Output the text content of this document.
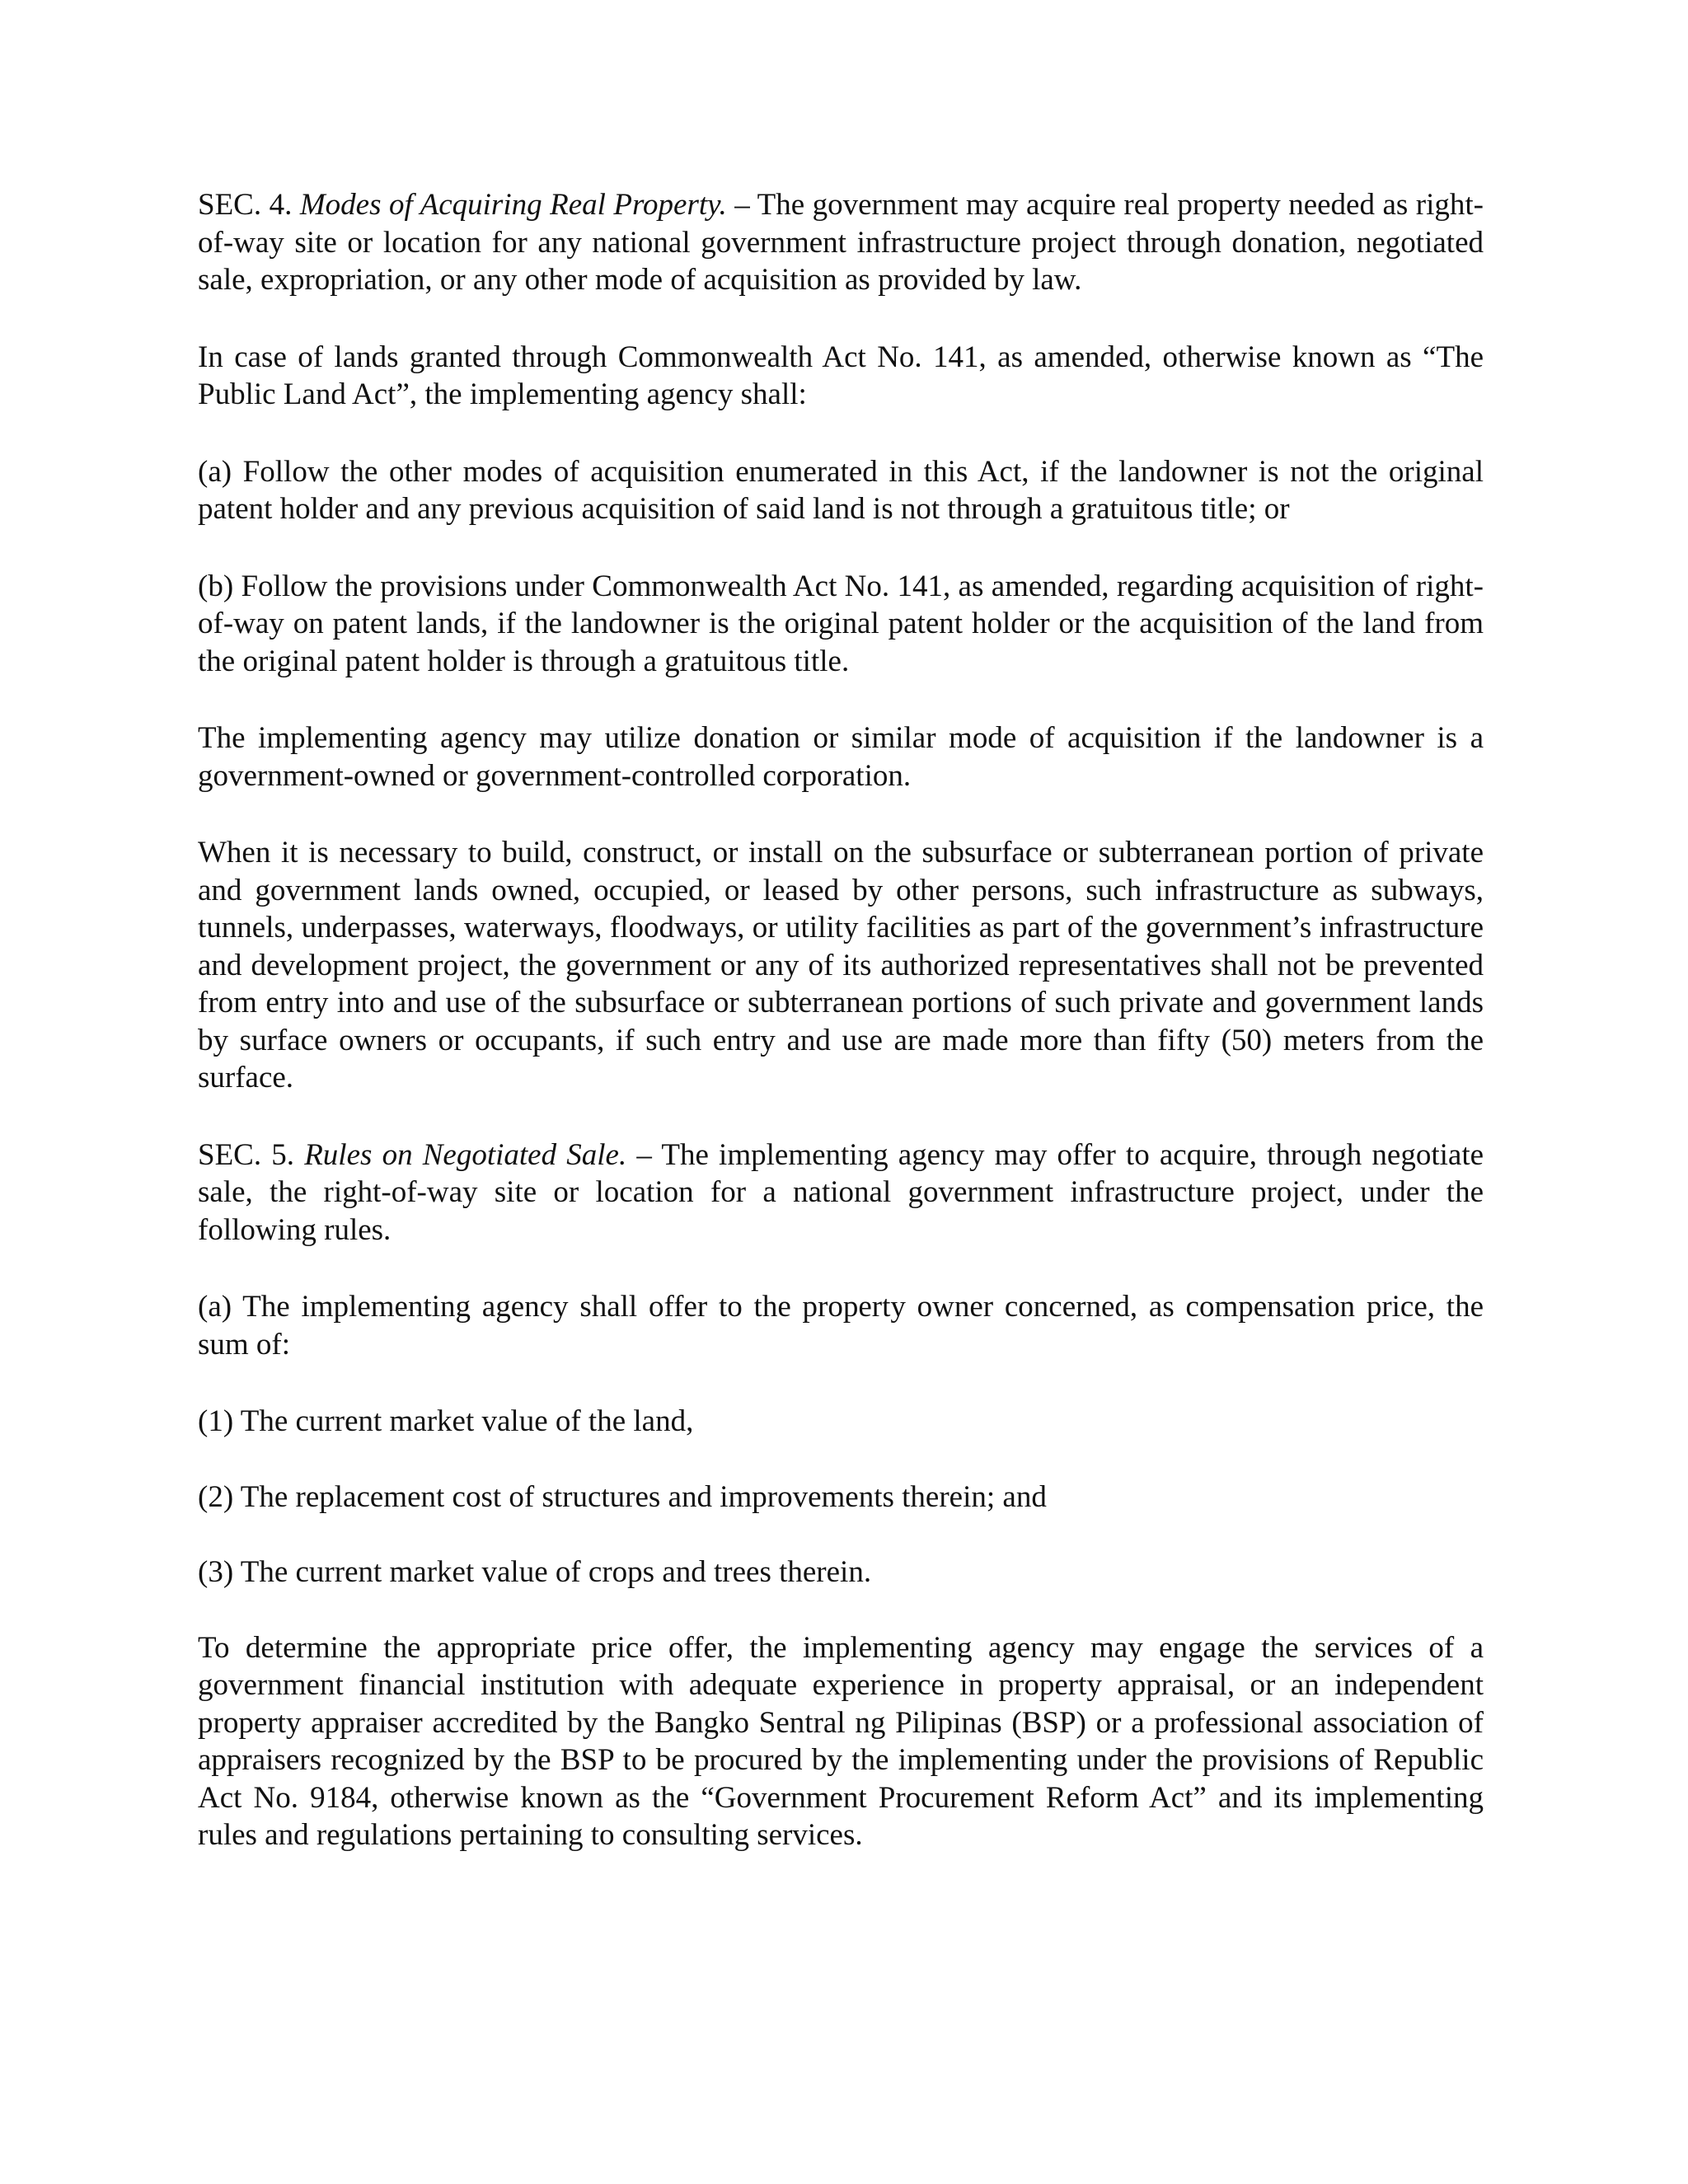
SEC. 4. Modes of Acquiring Real Property. – The government may acquire real property needed as right-of-way site or location for any national government infrastructure project through donation, negotiated sale, expropriation, or any other mode of acquisition as provided by law.

In case of lands granted through Commonwealth Act No. 141, as amended, otherwise known as “The Public Land Act”, the implementing agency shall:

(a) Follow the other modes of acquisition enumerated in this Act, if the landowner is not the original patent holder and any previous acquisition of said land is not through a gratuitous title; or

(b) Follow the provisions under Commonwealth Act No. 141, as amended, regarding acquisition of right-of-way on patent lands, if the landowner is the original patent holder or the acquisition of the land from the original patent holder is through a gratuitous title.

The implementing agency may utilize donation or similar mode of acquisition if the landowner is a government-owned or government-controlled corporation.

When it is necessary to build, construct, or install on the subsurface or subterranean portion of private and government lands owned, occupied, or leased by other persons, such infrastructure as subways, tunnels, underpasses, waterways, floodways, or utility facilities as part of the government’s infrastructure and development project, the government or any of its authorized representatives shall not be prevented from entry into and use of the subsurface or subterranean portions of such private and government lands by surface owners or occupants, if such entry and use are made more than fifty (50) meters from the surface.

SEC. 5. Rules on Negotiated Sale. – The implementing agency may offer to acquire, through negotiate sale, the right-of-way site or location for a national government infrastructure project, under the following rules.

(a) The implementing agency shall offer to the property owner concerned, as compensation price, the sum of:

(1) The current market value of the land,

(2) The replacement cost of structures and improvements therein; and

(3) The current market value of crops and trees therein.

To determine the appropriate price offer, the implementing agency may engage the services of a government financial institution with adequate experience in property appraisal, or an independent property appraiser accredited by the Bangko Sentral ng Pilipinas (BSP) or a professional association of appraisers recognized by the BSP to be procured by the implementing under the provisions of Republic Act No. 9184, otherwise known as the “Government Procurement Reform Act” and its implementing rules and regulations pertaining to consulting services.
